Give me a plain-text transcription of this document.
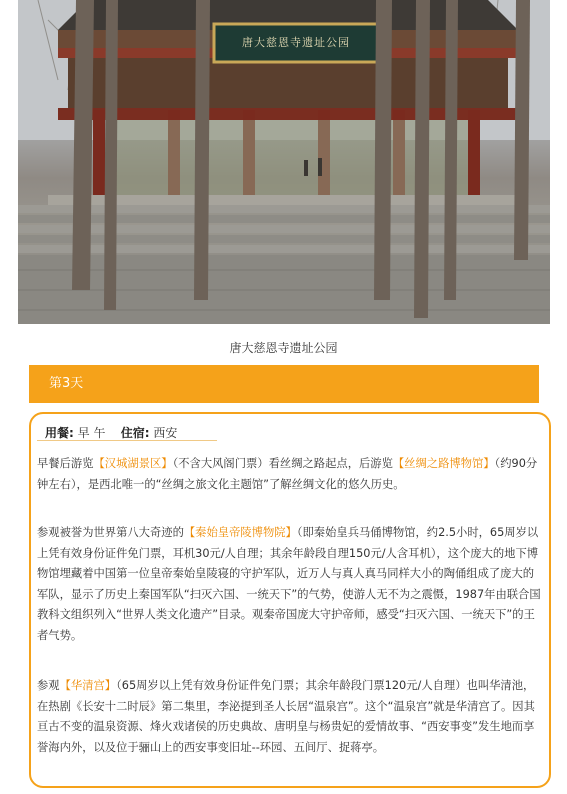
唐大慈恩寺遗址公园
唐大慈恩寺遗址公园
第3天
用餐: 早 午 住宿: 西安
早餐后游览【汉城湖景区】（不含大风阁门票）看丝绸之路起点，后游览【丝绸之路博物馆】（约90分钟左右），是西北唯一的“丝绸之旅文化主题馆”了解丝绸文化的悠久历史。
参观被誉为世界第八大奇迹的【秦始皇帝陵博物院】（即秦始皇兵马俑博物馆，约2.5小时，65周岁以上凭有效身份证件免门票，耳机30元/人自理；其余年龄段自理150元/人含耳机），这个庞大的地下博物馆埋藏着中国第一位皇帝秦始皇陵寝的守护军队，近万人与真人真马同样大小的陶俑组成了庞大的军队，显示了历史上秦国军队“扫灭六国、一统天下”的气势，使游人无不为之震慑，1987年由联合国教科文组织列入“世界人类文化遗产”目录。观秦帝国庞大守护帝师，感受“扫灭六国、一统天下”的王者气势。
参观【华清宫】（65周岁以上凭有效身份证件免门票；其余年龄段门票120元/人自理）也叫华清池，在热剧《长安十二时辰》第二集里，李泌提到圣人长居“温泉宫”。这个“温泉宫”就是华清宫了。因其亘古不变的温泉资源、烽火戏诸侯的历史典故、唐明皇与杨贵妃的爱情故事、“西安事变”发生地而享誉海内外，以及位于骊山上的西安事变旧址--环园、五间厅、捉蒋亭。
